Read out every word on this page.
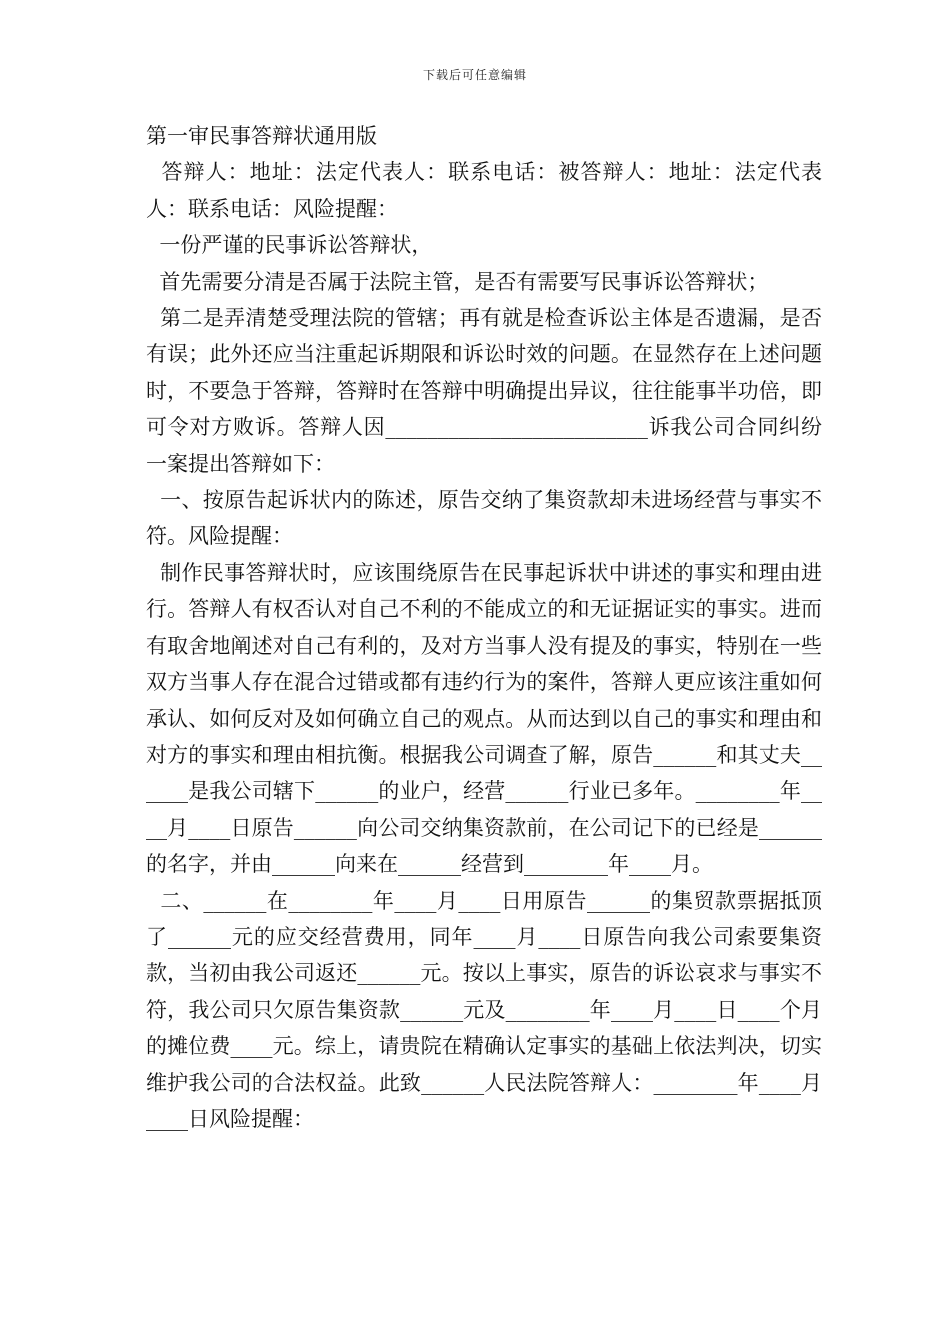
下载后可任意编辑
第一审民事答辩状通用版

答辩人：地址：法定代表人：联系电话：被答辩人：地址：法定代表人：联系电话：风险提醒：

一份严谨的民事诉讼答辩状，

首先需要分清是否属于法院主管，是否有需要写民事诉讼答辩状；

第二是弄清楚受理法院的管辖；再有就是检查诉讼主体是否遗漏，是否有误；此外还应当注重起诉期限和诉讼时效的问题。在显然存在上述问题时，不要急于答辩，答辩时在答辩中明确提出异议，往往能事半功倍，即可令对方败诉。答辩人因_________________________诉我公司合同纠纷一案提出答辩如下：

一、按原告起诉状内的陈述，原告交纳了集资款却未进场经营与事实不符。风险提醒：

制作民事答辩状时，应该围绕原告在民事起诉状中讲述的事实和理由进行。答辩人有权否认对自己不利的不能成立的和无证据证实的事实。进而有取舍地阐述对自己有利的，及对方当事人没有提及的事实，特别在一些双方当事人存在混合过错或都有违约行为的案件，答辩人更应该注重如何承认、如何反对及如何确立自己的观点。从而达到以自己的事实和理由和对方的事实和理由相抗衡。根据我公司调查了解，原告______和其丈夫______是我公司辖下______的业户，经营______行业已多年。________年____月____日原告______向公司交纳集资款前，在公司记下的已经是______的名字，并由______向来在______经营到________年____月。

二、______在________年____月____日用原告______的集贸款票据抵顶了______元的应交经营费用，同年____月____日原告向我公司索要集资款，当初由我公司返还______元。按以上事实，原告的诉讼哀求与事实不符，我公司只欠原告集资款______元及________年____月____日____个月的摊位费____元。综上，请贵院在精确认定事实的基础上依法判决，切实维护我公司的合法权益。此致______人民法院答辩人：________年____月____日风险提醒：
